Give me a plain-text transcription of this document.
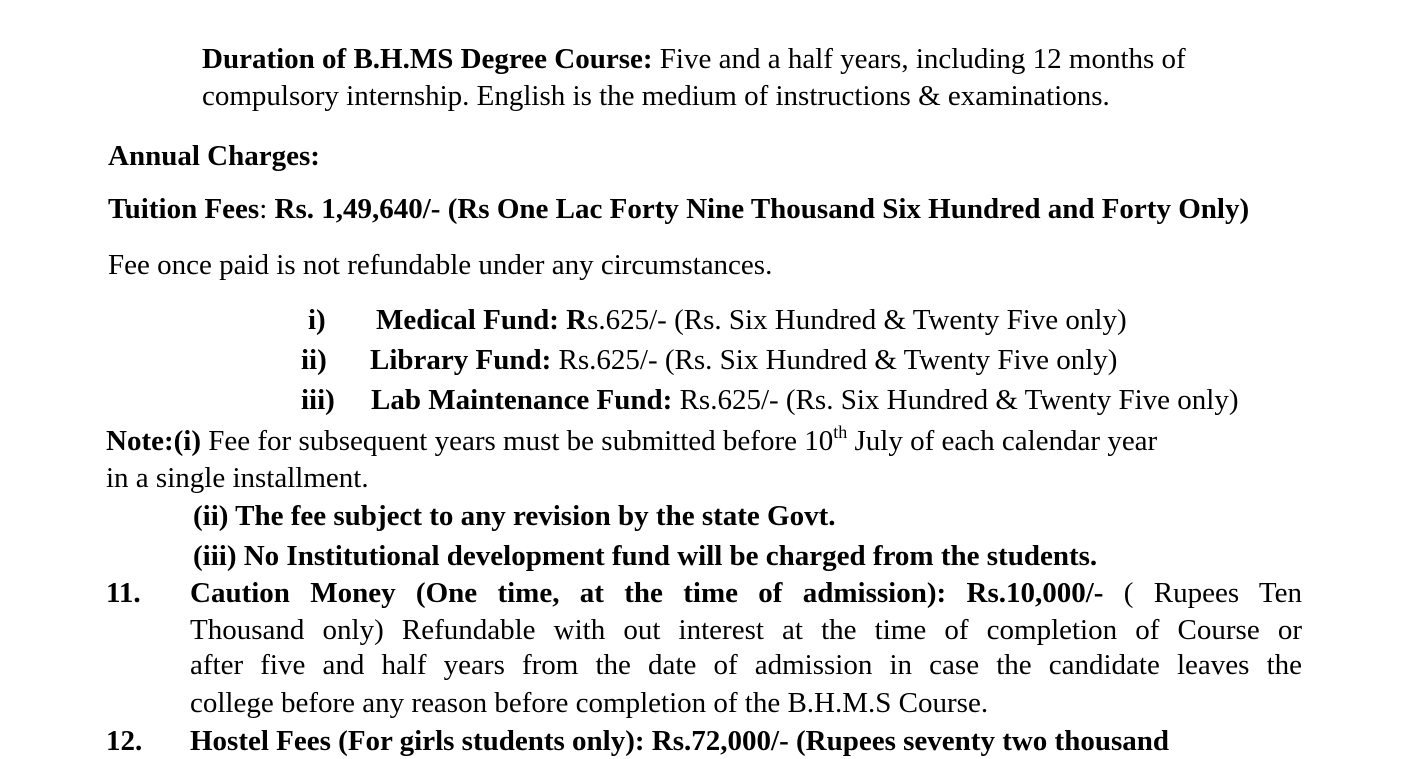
Duration of B.H.MS Degree Course: Five and a half years, including 12 months of
compulsory internship. English is the medium of instructions & examinations.
Annual Charges:
Tuition Fees: Rs. 1,49,640/- (Rs One Lac Forty Nine Thousand Six Hundred and Forty Only)
Fee once paid is not refundable under any circumstances.
i) Medical Fund: Rs.625/- (Rs. Six Hundred & Twenty Five only)
ii) Library Fund: Rs.625/- (Rs. Six Hundred & Twenty Five only)
iii) Lab Maintenance Fund: Rs.625/- (Rs. Six Hundred & Twenty Five only)
Note:(i) Fee for subsequent years must be submitted before 10th July of each calendar year
in a single installment.
(ii) The fee subject to any revision by the state Govt.
(iii) No Institutional development fund will be charged from the students.
11. Caution Money (One time, at the time of admission): Rs.10,000/- ( Rupees Ten
Thousand only) Refundable with out interest at the time of completion of Course or
after five and half years from the date of admission in case the candidate leaves the
college before any reason before completion of the B.H.M.S Course.
12. Hostel Fees (For girls students only): Rs.72,000/- (Rupees seventy two thousand
